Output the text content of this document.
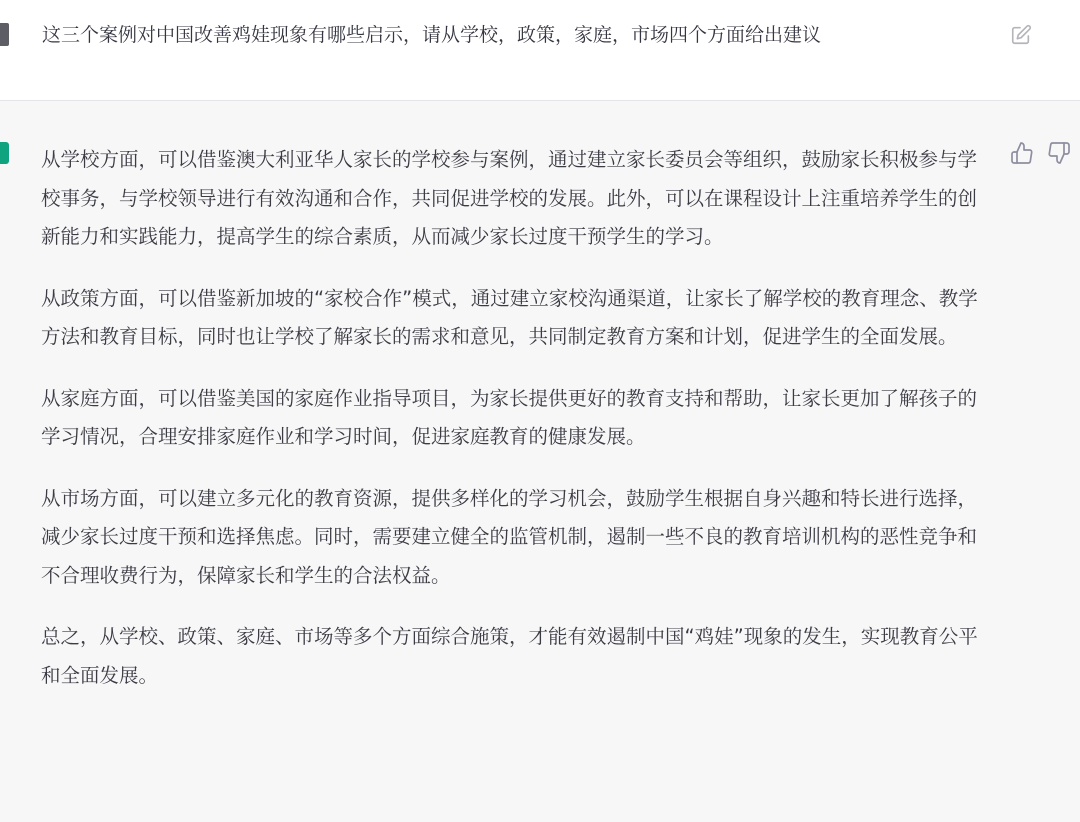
这三个案例对中国改善鸡娃现象有哪些启示，请从学校，政策，家庭，市场四个方面给出建议

从学校方面，可以借鉴澳大利亚华人家长的学校参与案例，通过建立家长委员会等组织，鼓励家长积极参与学校事务，与学校领导进行有效沟通和合作，共同促进学校的发展。此外，可以在课程设计上注重培养学生的创新能力和实践能力，提高学生的综合素质，从而减少家长过度干预学生的学习。

从政策方面，可以借鉴新加坡的“家校合作”模式，通过建立家校沟通渠道，让家长了解学校的教育理念、教学方法和教育目标，同时也让学校了解家长的需求和意见，共同制定教育方案和计划，促进学生的全面发展。

从家庭方面，可以借鉴美国的家庭作业指导项目，为家长提供更好的教育支持和帮助，让家长更加了解孩子的学习情况，合理安排家庭作业和学习时间，促进家庭教育的健康发展。

从市场方面，可以建立多元化的教育资源，提供多样化的学习机会，鼓励学生根据自身兴趣和特长进行选择，减少家长过度干预和选择焦虑。同时，需要建立健全的监管机制，遏制一些不良的教育培训机构的恶性竞争和不合理收费行为，保障家长和学生的合法权益。

总之，从学校、政策、家庭、市场等多个方面综合施策，才能有效遏制中国“鸡娃”现象的发生，实现教育公平和全面发展。
